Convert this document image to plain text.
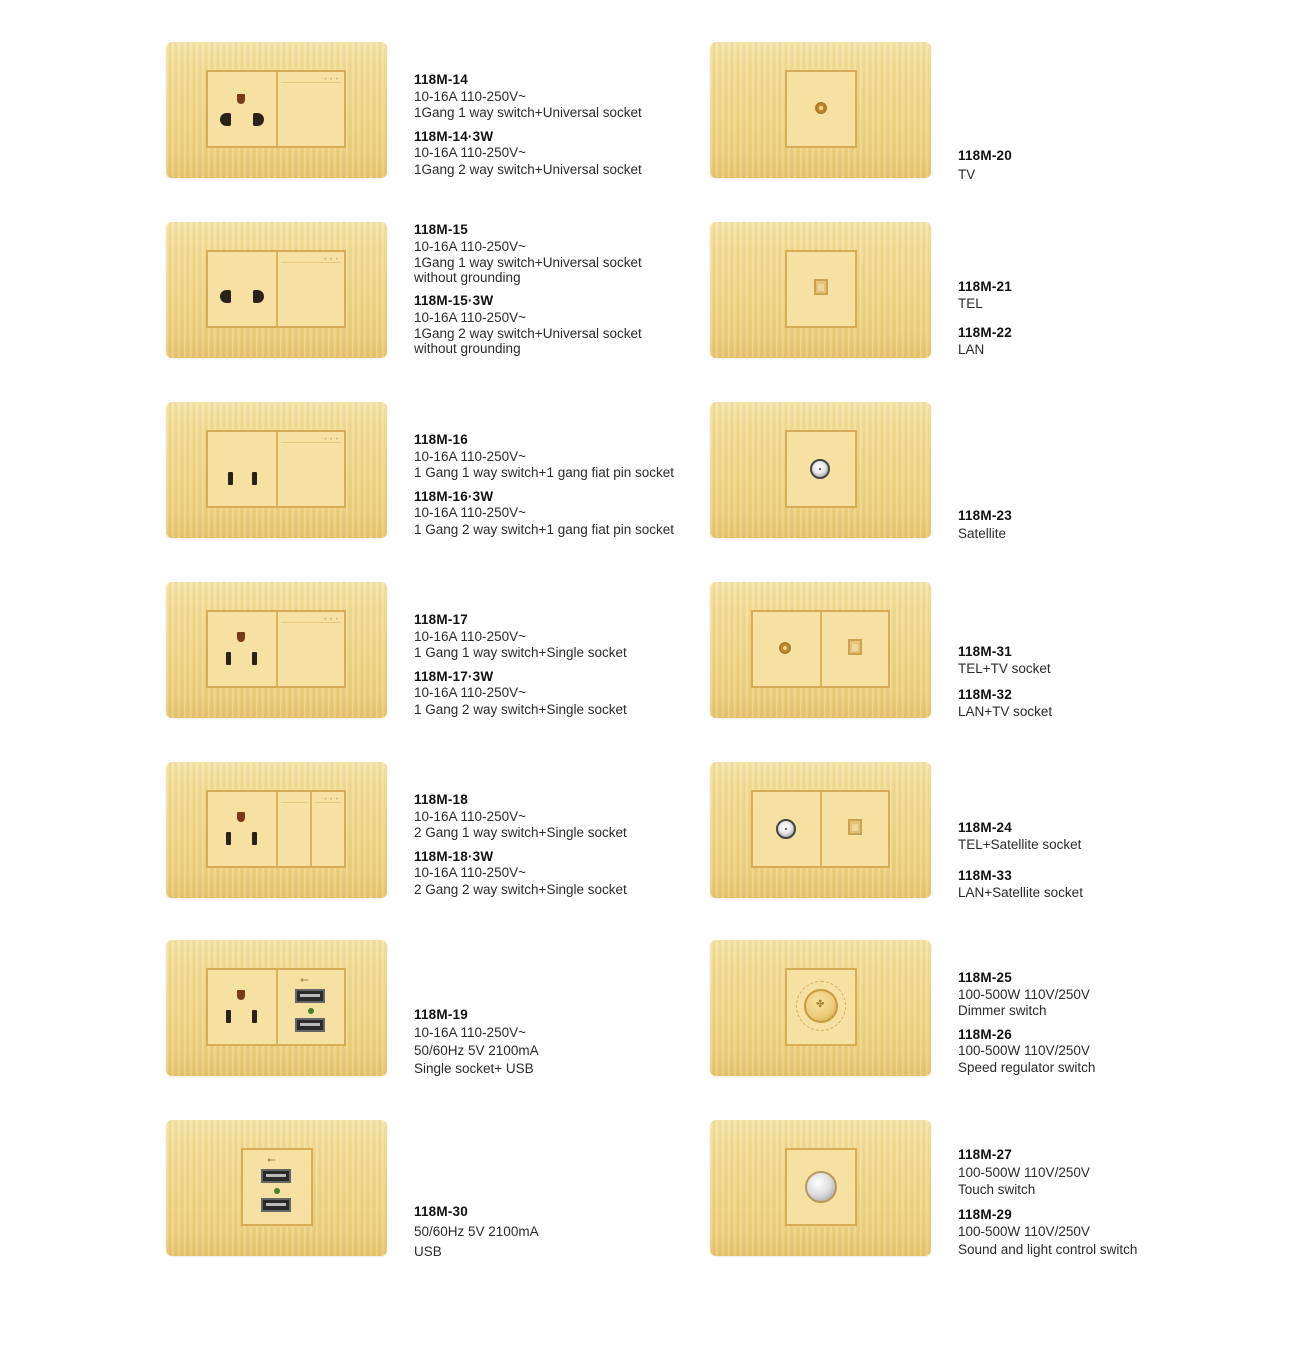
• • •	118M-14
10-16A 110-250V~
1Gang 1 way switch+Universal socket
118M-14·3W
10-16A 110-250V~
1Gang 2 way switch+Universal socket
• • •
118M-15
10-16A 110-250V~
1Gang 1 way switch+Universal socket
without grounding
118M-15·3W
10-16A 110-250V~
1Gang 2 way switch+Universal socket
without grounding
• • •	118M-16
10-16A 110-250V~
1 Gang 1 way switch+1 gang fiat pin socket
118M-16·3W
10-16A 110-250V~
1 Gang 2 way switch+1 gang fiat pin socket
• • •	118M-17
10-16A 110-250V~
1 Gang 1 way switch+Single socket
118M-17·3W
10-16A 110-250V~
1 Gang 2 way switch+Single socket
• • •	118M-18
10-16A 110-250V~
2 Gang 1 way switch+Single socket
118M-18·3W
10-16A 110-250V~
2 Gang 2 way switch+Single socket
⭠
118M-19
10-16A 110-250V~
50/60Hz 5V 2100mA
Single socket+ USB
⭠
118M-30
50/60Hz 5V 2100mA
USB
118M-20
TV
118M-21
TEL
118M-22
LAN
118M-23
Satellite
118M-31
TEL+TV socket
118M-32
LAN+TV socket
118M-24
TEL+Satellite socket
118M-33
LAN+Satellite socket
✤
118M-25
100-500W 110V/250V
Dimmer switch
118M-26
100-500W 110V/250V
Speed regulator switch
118M-27
100-500W 110V/250V
Touch switch
118M-29
100-500W 110V/250V
Sound and light control switch
